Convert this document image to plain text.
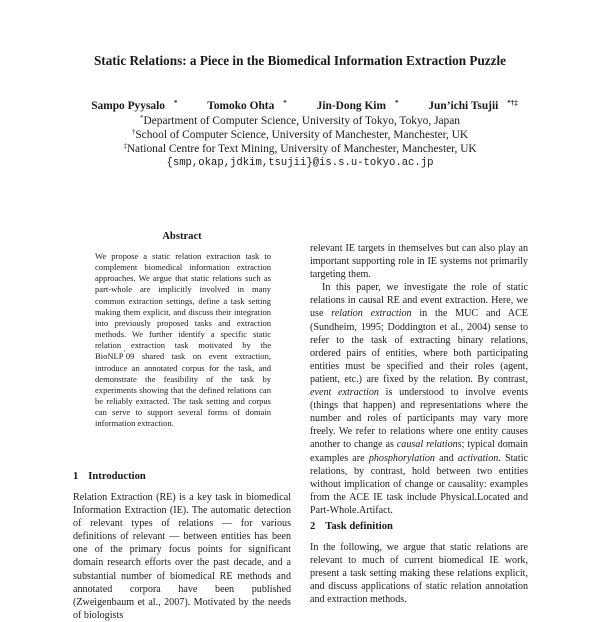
Static Relations: a Piece in the Biomedical Information Extraction Puzzle
Sampo Pyysalo *	Tomoko Ohta *	Jin-Dong Kim *	Jun’ichi Tsujii *†‡
*Department of Computer Science, University of Tokyo, Tokyo, Japan
†School of Computer Science, University of Manchester, Manchester, UK
‡National Centre for Text Mining, University of Manchester, Manchester, UK
{smp,okap,jdkim,tsujii}@is.s.u-tokyo.ac.jp
Abstract
We propose a static relation extraction task to complement biomedical information extraction approaches. We argue that static relations such as part-whole are implicitly involved in many common extraction settings, define a task setting making them explicit, and discuss their integration into previously proposed tasks and extraction methods. We further identify a specific static relation extraction task motivated by the BioNLP’09 shared task on event extraction, introduce an annotated corpus for the task, and demonstrate the feasibility of the task by experiments showing that the defined relations can be reliably extracted. The task setting and corpus can serve to support several forms of domain information extraction.
1 Introduction

Relation Extraction (RE) is a key task in biomedical Information Extraction (IE). The automatic detection of relevant types of relations — for various definitions of relevant — between entities has been one of the primary focus points for significant domain research efforts over the past decade, and a substantial number of biomedical RE methods and annotated corpora have been published (Zweigenbaum et al., 2007). Motivated by the needs of biologists

relevant IE targets in themselves but can also play an important supporting role in IE systems not primarily targeting them.

In this paper, we investigate the role of static relations in causal RE and event extraction. Here, we use relation extraction in the MUC and ACE (Sundheim, 1995; Doddington et al., 2004) sense to refer to the task of extracting binary relations, ordered pairs of entities, where both participating entities must be specified and their roles (agent, patient, etc.) are fixed by the relation. By contrast, event extraction is understood to involve events (things that happen) and representations where the number and roles of participants may vary more freely. We refer to relations where one entity causes another to change as causal relations; typical domain examples are phosphorylation and activation. Static relations, by contrast, hold between two entities without implication of change or causality: examples from the ACE IE task include Physical.Located and Part-Whole.Artifact.

2 Task definition

In the following, we argue that static relations are relevant to much of current biomedical IE work, present a task setting making these relations explicit, and discuss applications of static relation annotation and extraction methods.
